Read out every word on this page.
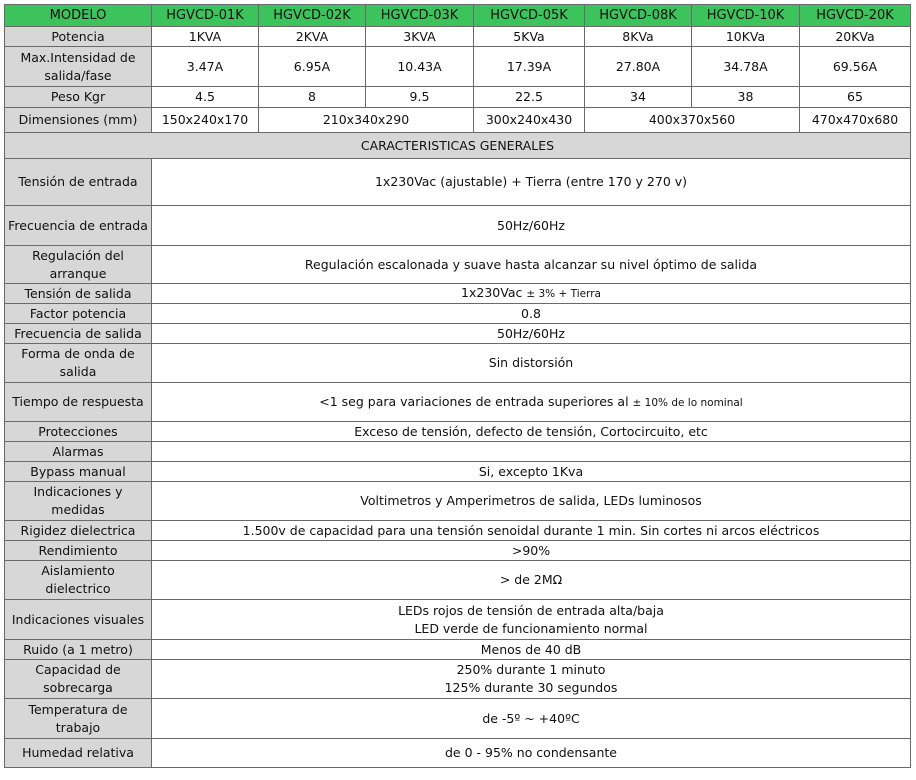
MODELO	HGVCD-01K	HGVCD-02K	HGVCD-03K	HGVCD-05K	HGVCD-08K	HGVCD-10K	HGVCD-20K
Potencia	1KVA	2KVA	3KVA	5KVa	8KVa	10KVa	20KVa
Max.Intensidad de salida/fase	3.47A	6.95A	10.43A	17.39A	27.80A	34.78A	69.56A
Peso Kgr	4.5	8	9.5	22.5	34	38	65
Dimensiones (mm)	150x240x170	210x340x290		300x240x430	400x370x560		470x470x680
CARACTERISTICAS GENERALES							
Tensión de entrada	1x230Vac (ajustable) + Tierra (entre 170 y 270 v)						
Frecuencia de entrada	50Hz/60Hz						
Regulación del arranque	Regulación escalonada y suave hasta alcanzar su nivel óptimo de salida						
Tensión de salida	1x230Vac ± 3% + Tierra						
Factor potencia	0.8						
Frecuencia de salida	50Hz/60Hz						
Forma de onda de salida	Sin distorsión						
Tiempo de respuesta	<1 seg para variaciones de entrada superiores al ± 10% de lo nominal						
Protecciones	Exceso de tensión, defecto de tensión, Cortocircuito, etc						
Alarmas							
Bypass manual	Si, excepto 1Kva						
Indicaciones y medidas	Voltimetros y Amperimetros de salida, LEDs luminosos						
Rigidez dielectrica	1.500v de capacidad para una tensión senoidal durante 1 min. Sin cortes ni arcos eléctricos						
Rendimiento	>90%						
Aislamiento dielectrico	> de 2MΩ						
Indicaciones visuales	LEDs rojos de tensión de entrada alta/baja
LED verde de funcionamiento normal						

Ruido (a 1 metro)	Menos de 40 dB						
Capacidad de sobrecarga	250% durante 1 minuto
125% durante 30 segundos						

Temperatura de trabajo	de -5º ~ +40ºC						
Humedad relativa	de 0 - 95% no condensante						
